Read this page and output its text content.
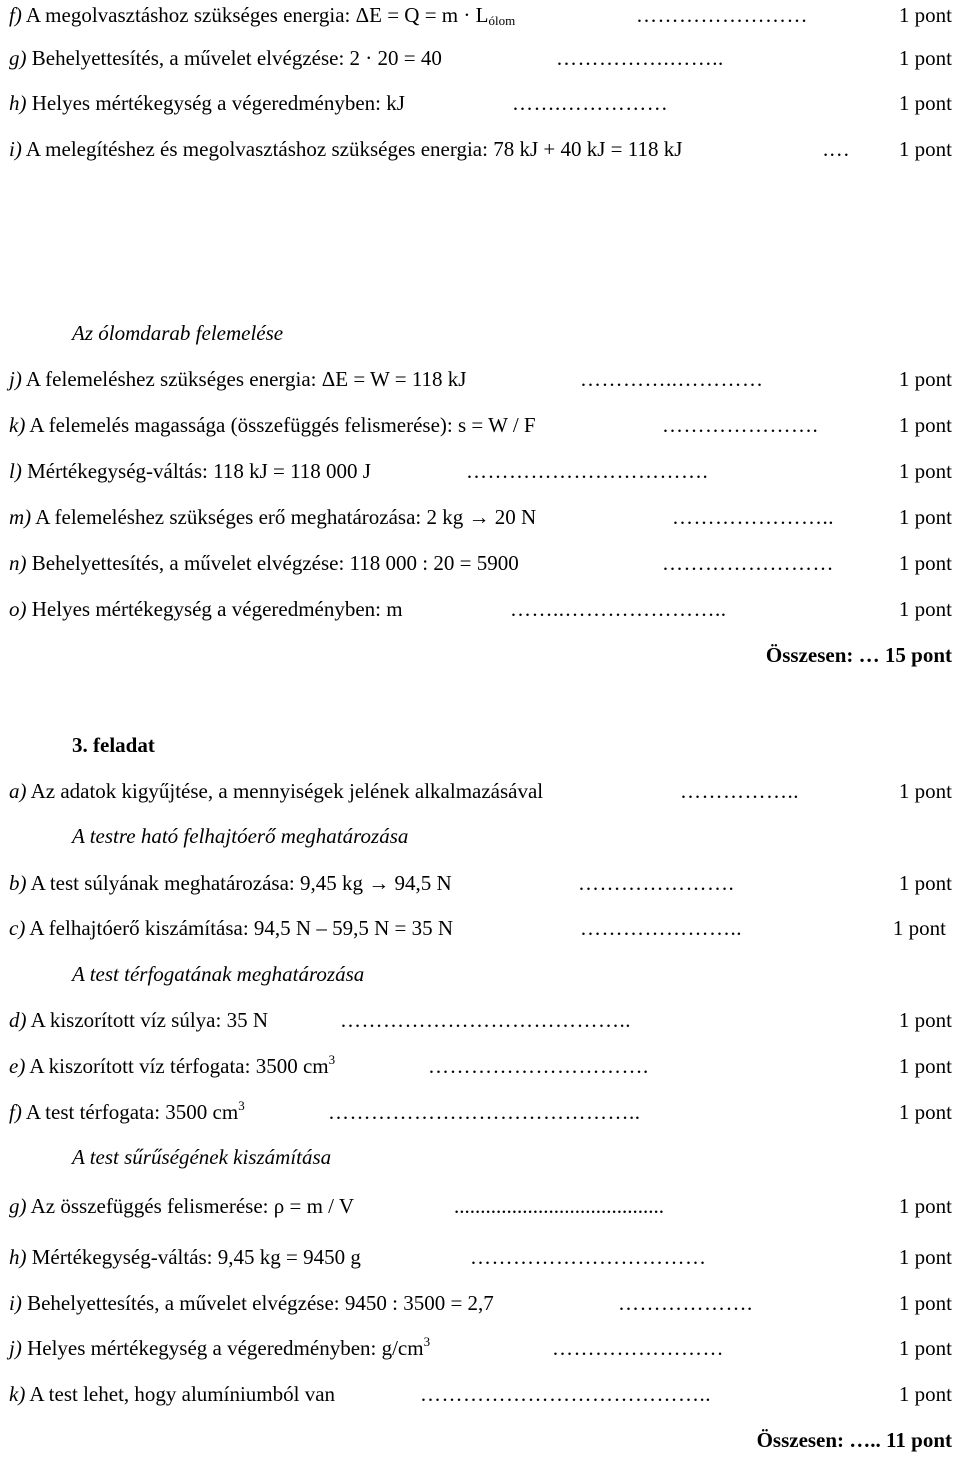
f) A megolvasztáshoz szükséges energia: $\Delta E = Q = m \cdot L_{ólom}$	……………………	1 pont
g) Behelyettesítés, a művelet elvégzése: 2 · 20 = 40	…………….……..	1 pont
h) Helyes mértékegység a végeredményben: kJ	…….……………	1 pont
i) A melegítéshez és megolvasztáshoz szükséges energia: 78 kJ + 40 kJ = 118 kJ	.… 1 pont
Az ólomdarab felemelése
j) A felemeléshez szükséges energia: ΔE = W = 118 kJ	…………..…………	1 pont
k) A felemelés magassága (összefüggés felismerése): s = W / F	………………….	1 pont
l) Mértékegység-váltás: 118 kJ = 118 000 J	…………………………….	1 pont
m) A felemeléshez szükséges erő meghatározása: 2 kg → 20 N	…………………..	1 pont
n) Behelyettesítés, a művelet elvégzése: 118 000 : 20 = 5900	……………………	1 pont
o) Helyes mértékegység a végeredményben: m	……..…………………..	1 pont
Összesen: … 15 pont
3. feladat
a) Az adatok kigyűjtése, a mennyiségek jelének alkalmazásával	……………..	1 pont
A testre ható felhajtóerő meghatározása
b) A test súlyának meghatározása: 9,45 kg → 94,5 N	………………….	1 pont
c) A felhajtóerő kiszámítása: 94,5 N – 59,5 N = 35 N	…………………..	1 pont
A test térfogatának meghatározása
d) A kiszorított víz súlya: 35 N	…………………………………..	1 pont
e) A kiszorított víz térfogata: 3500 $cm^3$	………………………….	1 pont
f) A test térfogata: 3500 $cm^3$	……………………………………..	1 pont
A test sűrűségének kiszámítása
g) Az összefüggés felismerése: ρ = m / V	........................................	1 pont
h) Mértékegység-váltás: 9,45 kg = 9450 g	……………………………	1 pont
i) Behelyettesítés, a művelet elvégzése: 9450 : 3500 = 2,7	……………….	1 pont
j) Helyes mértékegység a végeredményben: $g/cm^3$	……………………	1 pont
k) A test lehet, hogy alumíniumból van	…………………………………..	1 pont
Összesen: ….. 11 pont
